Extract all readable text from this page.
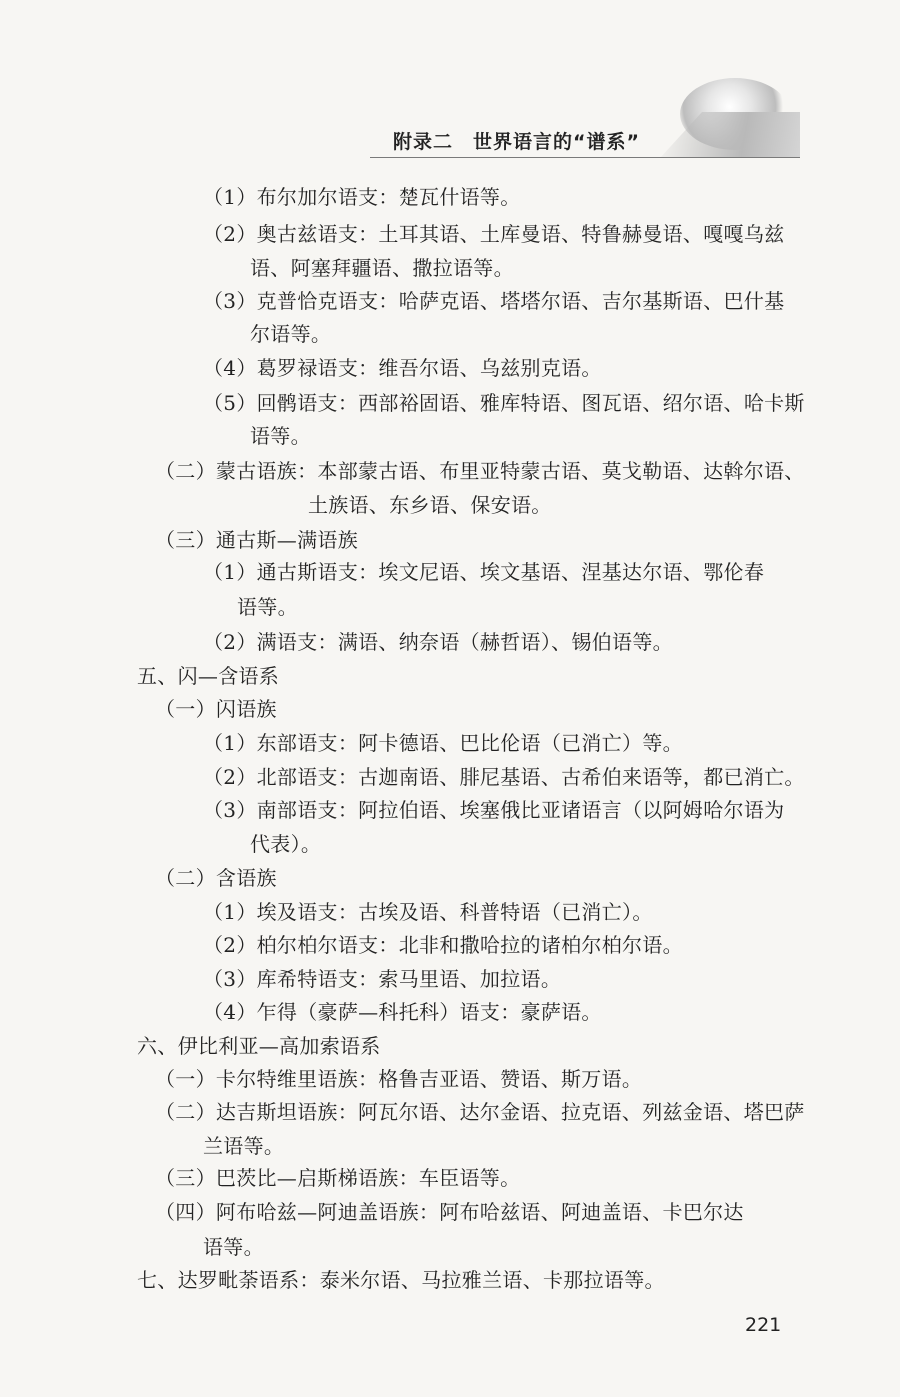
附录二　世界语言的“谱系”
（1）布尔加尔语支：楚瓦什语等。
（2）奥古兹语支：土耳其语、土库曼语、特鲁赫曼语、嘎嘎乌兹
语、阿塞拜疆语、撒拉语等。
（3）克普恰克语支：哈萨克语、塔塔尔语、吉尔基斯语、巴什基
尔语等。
（4）葛罗禄语支：维吾尔语、乌兹别克语。
（5）回鹘语支：西部裕固语、雅库特语、图瓦语、绍尔语、哈卡斯
语等。
（二）蒙古语族：本部蒙古语、布里亚特蒙古语、莫戈勒语、达斡尔语、
土族语、东乡语、保安语。
（三）通古斯—满语族
（1）通古斯语支：埃文尼语、埃文基语、涅基达尔语、鄂伦春
语等。
（2）满语支：满语、纳奈语（赫哲语）、锡伯语等。
五、闪—含语系
（一）闪语族
（1）东部语支：阿卡德语、巴比伦语（已消亡）等。
（2）北部语支：古迦南语、腓尼基语、古希伯来语等，都已消亡。
（3）南部语支：阿拉伯语、埃塞俄比亚诸语言（以阿姆哈尔语为
代表）。
（二）含语族
（1）埃及语支：古埃及语、科普特语（已消亡）。
（2）柏尔柏尔语支：北非和撒哈拉的诸柏尔柏尔语。
（3）库希特语支：索马里语、加拉语。
（4）乍得（豪萨—科托科）语支：豪萨语。
六、伊比利亚—高加索语系
（一）卡尔特维里语族：格鲁吉亚语、赞语、斯万语。
（二）达吉斯坦语族：阿瓦尔语、达尔金语、拉克语、列兹金语、塔巴萨
兰语等。
（三）巴茨比—启斯梯语族：车臣语等。
（四）阿布哈兹—阿迪盖语族：阿布哈兹语、阿迪盖语、卡巴尔达
语等。
七、达罗毗荼语系：泰米尔语、马拉雅兰语、卡那拉语等。
221
